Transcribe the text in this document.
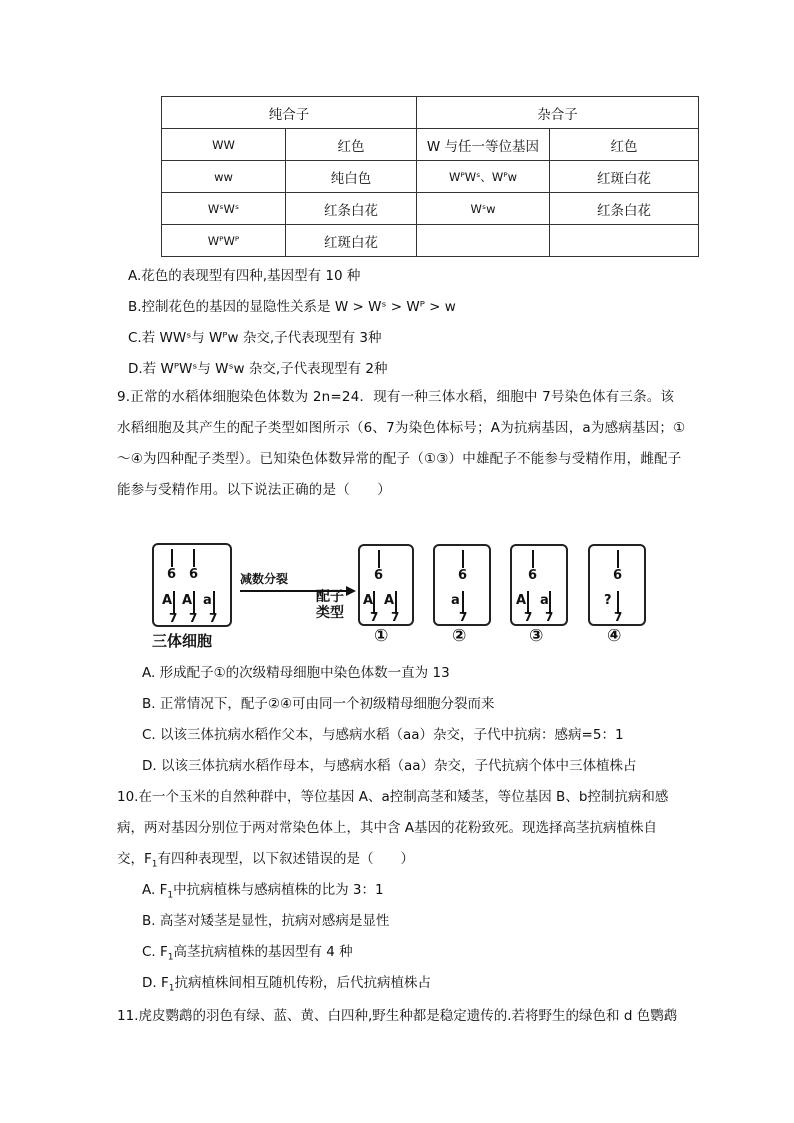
纯合子		杂合子	
WW	红色	W 与任一等位基因	红色
ww	纯白色	WᴾWˢ、Wᴾw	红斑白花
WˢWˢ	红条白花	Wˢw	红条白花
WᴾWᴾ	红斑白花		
A.花色的表现型有四种,基因型有 10 种
B.控制花色的基因的显隐性关系是 W > Wˢ > Wᴾ > w
C.若 WWˢ与 Wᴾw 杂交,子代表现型有 3种
D.若 WᴾWˢ与 Wˢw 杂交,子代表现型有 2种
9.正常的水稻体细胞染色体数为 2n=24．现有一种三体水稻，细胞中 7号染色体有三条。该水稻细胞及其产生的配子类型如图所示（6、7为染色体标号；A为抗病基因，a为感病基因；①～④为四种配子类型）。已知染色体数异常的配子（①③）中雄配子不能参与受精作用，雌配子能参与受精作用。以下说法正确的是（　　）
6 6
A A a
7 7 7
三体细胞
减数分裂
配子
类型
6
A A
7 7
①
6
a
7
②
6
A a
7 7
③
6
?
7
④
A. 形成配子①的次级精母细胞中染色体数一直为 13
B. 正常情况下，配子②④可由同一个初级精母细胞分裂而来
C. 以该三体抗病水稻作父本，与感病水稻（aa）杂交，子代中抗病：感病=5：1
D. 以该三体抗病水稻作母本，与感病水稻（aa）杂交，子代抗病个体中三体植株占
10.在一个玉米的自然种群中，等位基因 A、a控制高茎和矮茎，等位基因 B、b控制抗病和感
病，两对基因分别位于两对常染色体上，其中含 A基因的花粉致死。现选择高茎抗病植株自
交，$F_1$有四种表现型，以下叙述错误的是（　　）
A. $F_1$中抗病植株与感病植株的比为 3：1
B. 高茎对矮茎是显性，抗病对感病是显性
C. $F_1$高茎抗病植株的基因型有 4 种
D. $F_1$抗病植株间相互随机传粉，后代抗病植株占
11.虎皮鹦鹉的羽色有绿、蓝、黄、白四种,野生种都是稳定遗传的.若将野生的绿色和 d 色鹦鹉
